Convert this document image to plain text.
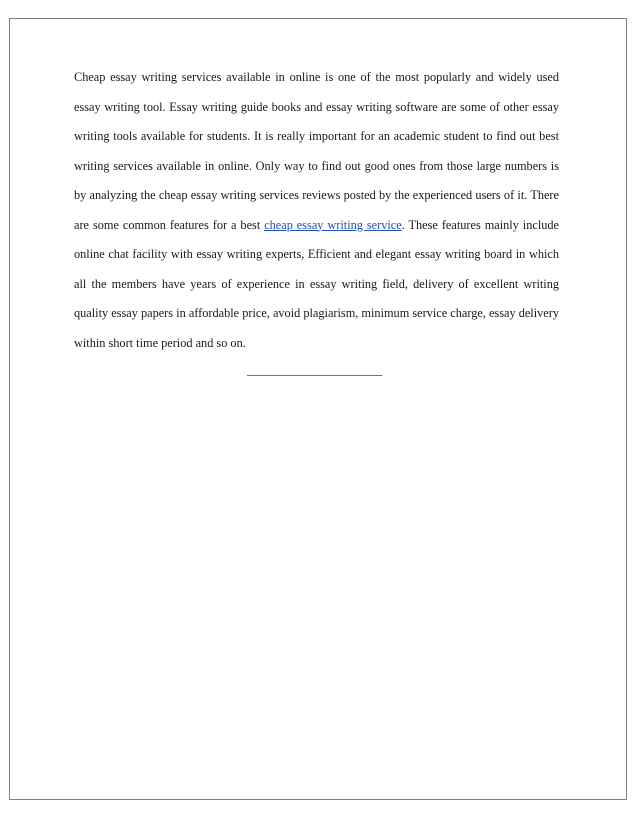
Cheap essay writing services available in online is one of the most popularly and widely used essay writing tool. Essay writing guide books and essay writing software are some of other essay writing tools available for students. It is really important for an academic student to find out best writing services available in online. Only way to find out good ones from those large numbers is by analyzing the cheap essay writing services reviews posted by the experienced users of it. There are some common features for a best cheap essay writing service. These features mainly include online chat facility with essay writing experts, Efficient and elegant essay writing board in which all the members have years of experience in essay writing field, delivery of excellent writing quality essay papers in affordable price, avoid plagiarism, minimum service charge, essay delivery within short time period and so on.

______________________
